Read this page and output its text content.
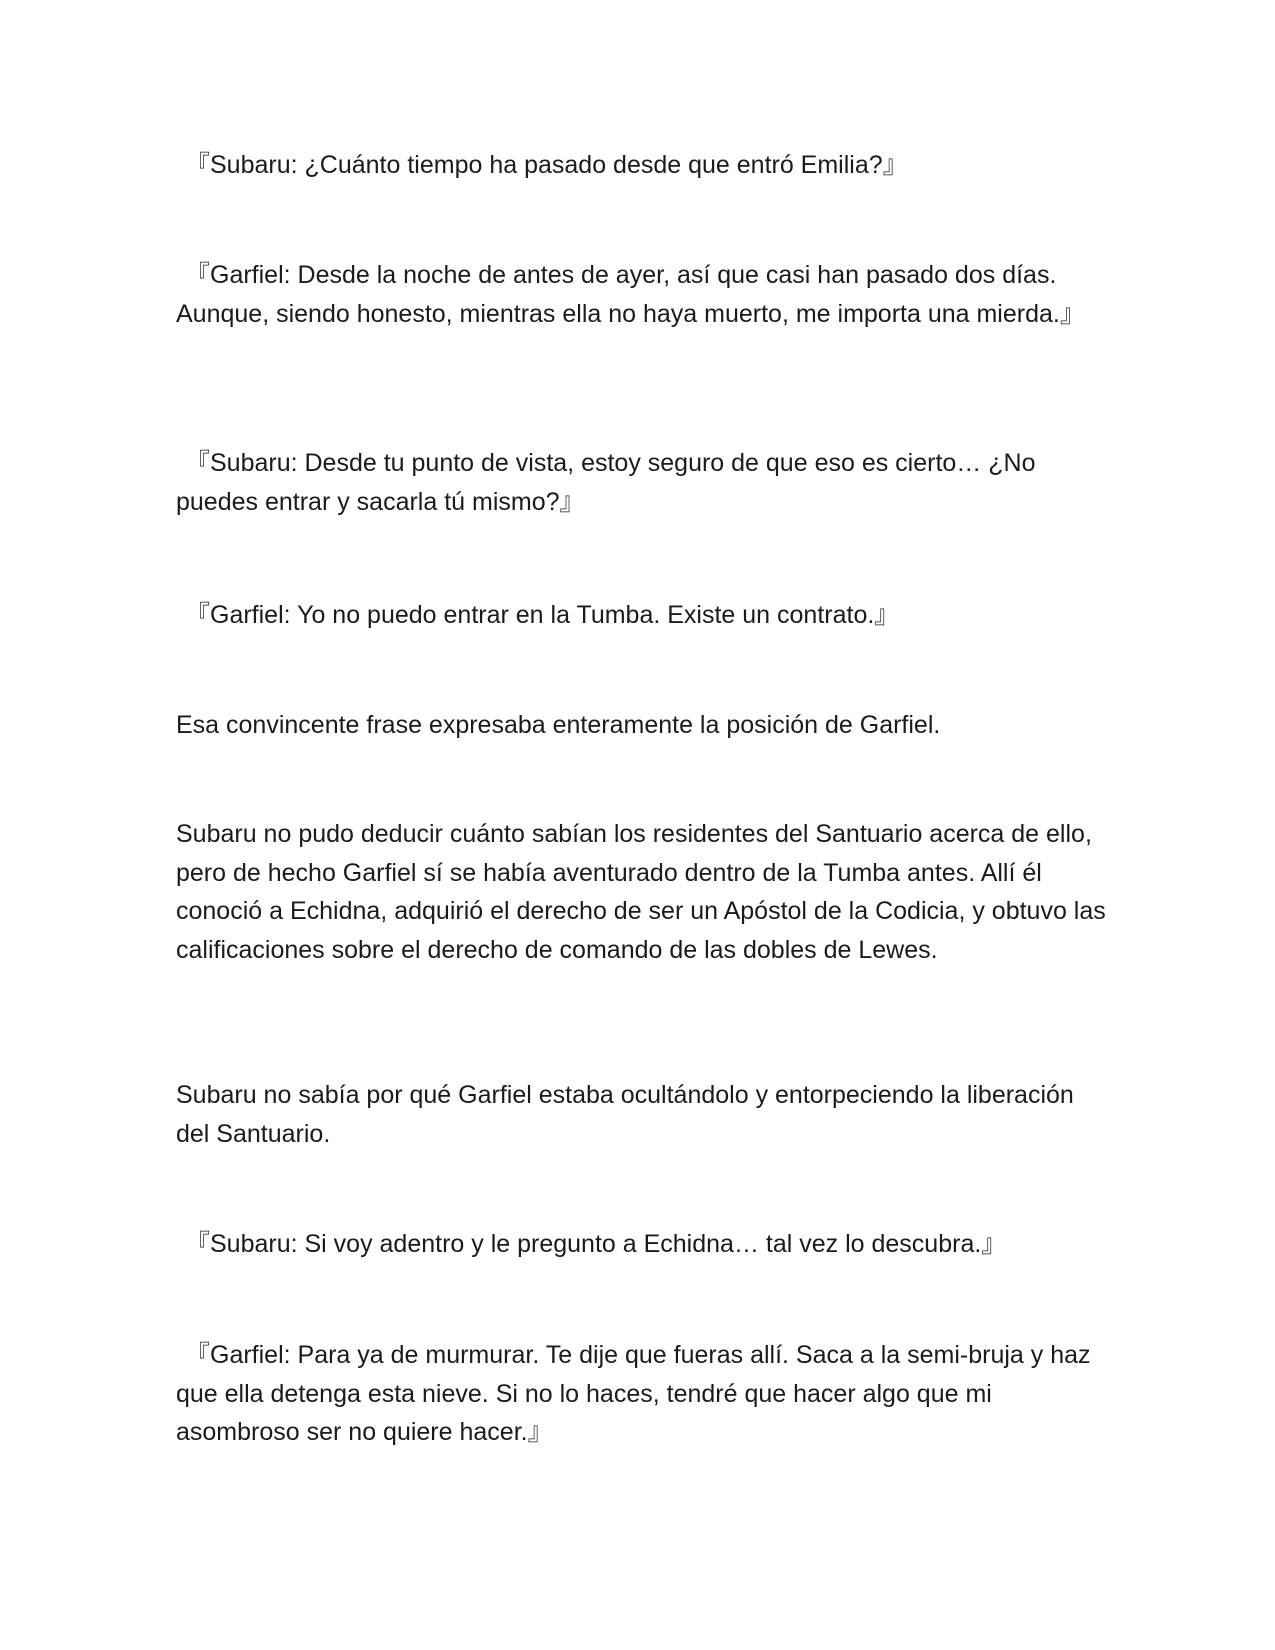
『Subaru: ¿Cuánto tiempo ha pasado desde que entró Emilia?』

『Garfiel: Desde la noche de antes de ayer, así que casi han pasado dos días. Aunque, siendo honesto, mientras ella no haya muerto, me importa una mierda.』

『Subaru: Desde tu punto de vista, estoy seguro de que eso es cierto… ¿No puedes entrar y sacarla tú mismo?』

『Garfiel: Yo no puedo entrar en la Tumba. Existe un contrato.』

Esa convincente frase expresaba enteramente la posición de Garfiel.

Subaru no pudo deducir cuánto sabían los residentes del Santuario acerca de ello, pero de hecho Garfiel sí se había aventurado dentro de la Tumba antes. Allí él conoció a Echidna, adquirió el derecho de ser un Apóstol de la Codicia, y obtuvo las calificaciones sobre el derecho de comando de las dobles de Lewes.

Subaru no sabía por qué Garfiel estaba ocultándolo y entorpeciendo la liberación del Santuario.

『Subaru: Si voy adentro y le pregunto a Echidna… tal vez lo descubra.』

『Garfiel: Para ya de murmurar. Te dije que fueras allí. Saca a la semi-bruja y haz que ella detenga esta nieve. Si no lo haces, tendré que hacer algo que mi asombroso ser no quiere hacer.』
